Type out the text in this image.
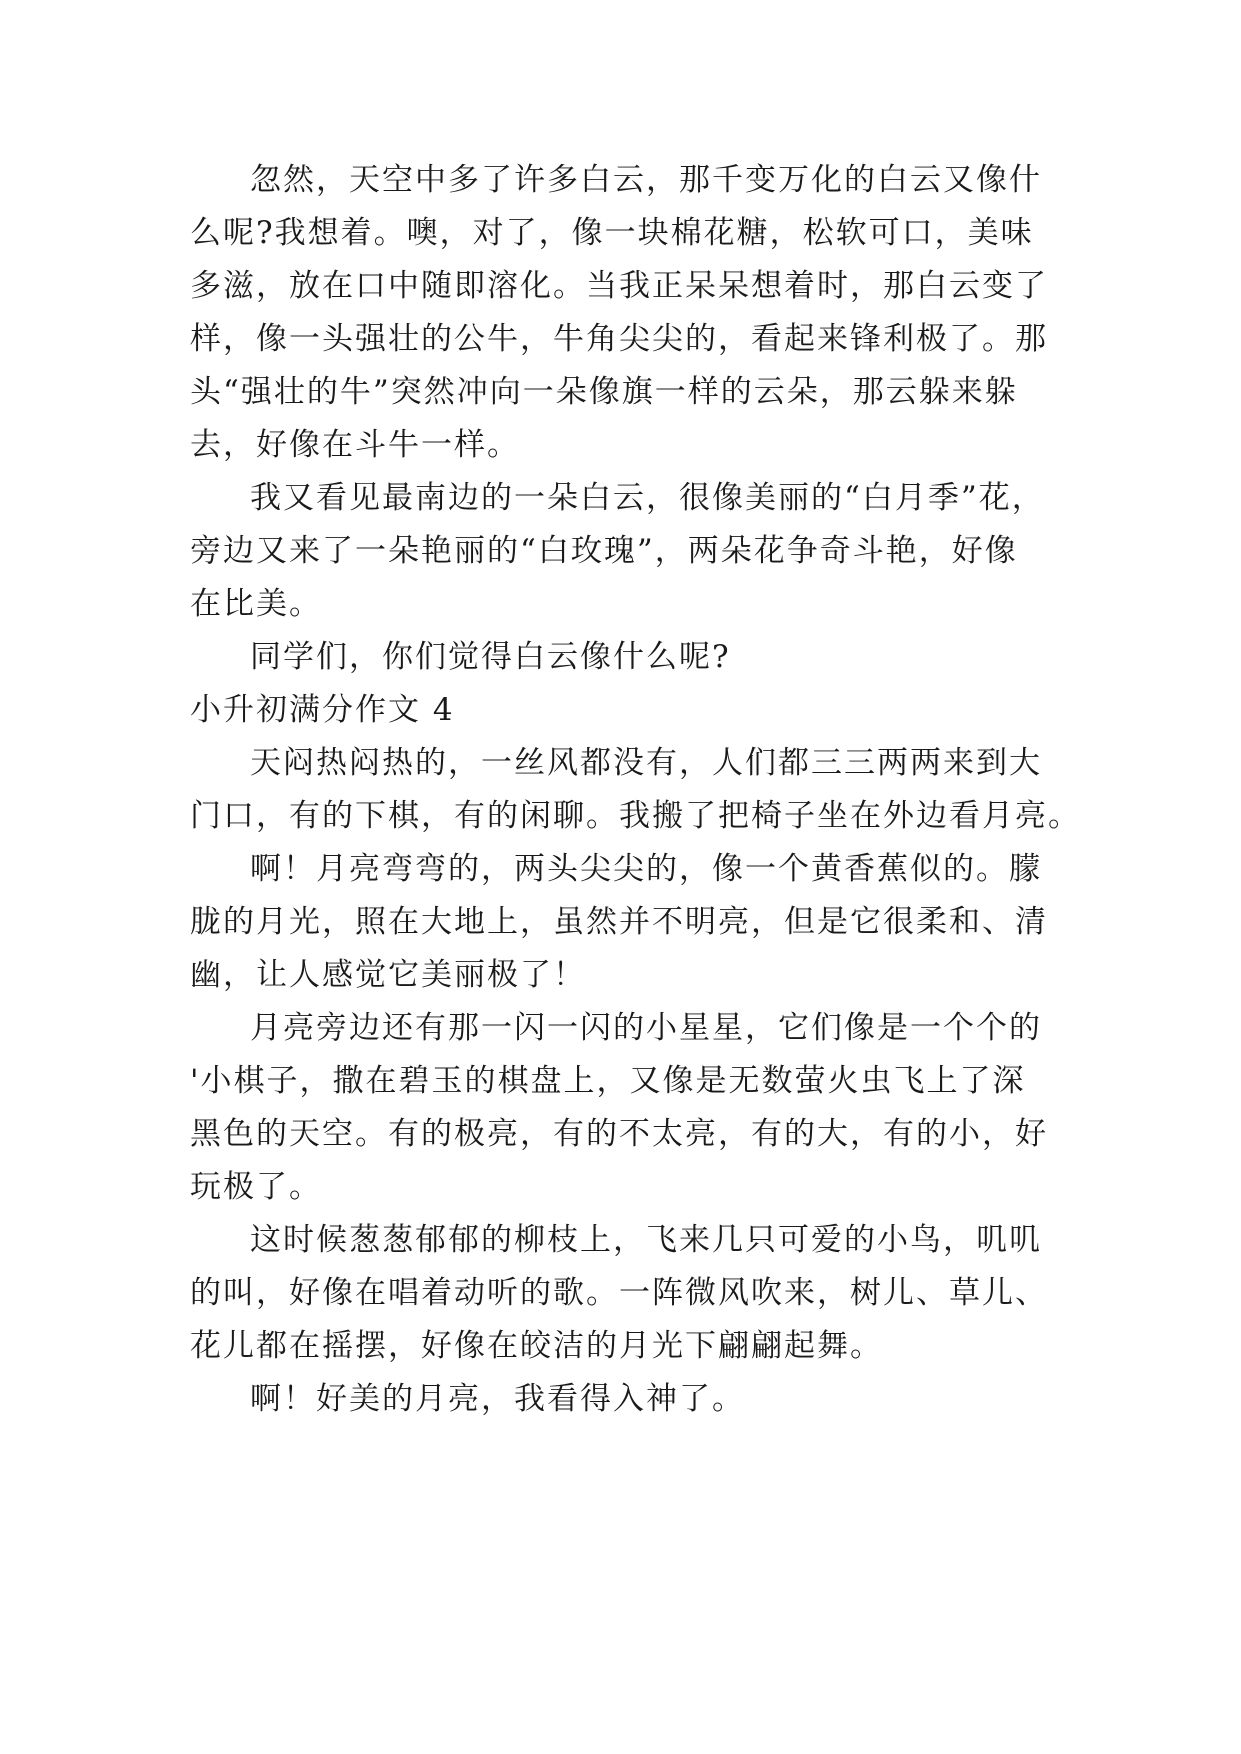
忽然，天空中多了许多白云，那千变万化的白云又像什
么呢?我想着。噢，对了，像一块棉花糖，松软可口，美味
多滋，放在口中随即溶化。当我正呆呆想着时，那白云变了
样，像一头强壮的公牛，牛角尖尖的，看起来锋利极了。那
头“强壮的牛”突然冲向一朵像旗一样的云朵，那云躲来躲
去，好像在斗牛一样。
我又看见最南边的一朵白云，很像美丽的“白月季”花，
旁边又来了一朵艳丽的“白玫瑰”，两朵花争奇斗艳，好像
在比美。
同学们，你们觉得白云像什么呢?
小升初满分作文 4
天闷热闷热的，一丝风都没有，人们都三三两两来到大
门口，有的下棋，有的闲聊。我搬了把椅子坐在外边看月亮。
啊！月亮弯弯的，两头尖尖的，像一个黄香蕉似的。朦
胧的月光，照在大地上，虽然并不明亮，但是它很柔和、清
幽，让人感觉它美丽极了！
月亮旁边还有那一闪一闪的小星星，它们像是一个个的
'小棋子，撒在碧玉的棋盘上，又像是无数萤火虫飞上了深
黑色的天空。有的极亮，有的不太亮，有的大，有的小，好
玩极了。
这时候葱葱郁郁的柳枝上，飞来几只可爱的小鸟，叽叽
的叫，好像在唱着动听的歌。一阵微风吹来，树儿、草儿、
花儿都在摇摆，好像在皎洁的月光下翩翩起舞。
啊！好美的月亮，我看得入神了。
